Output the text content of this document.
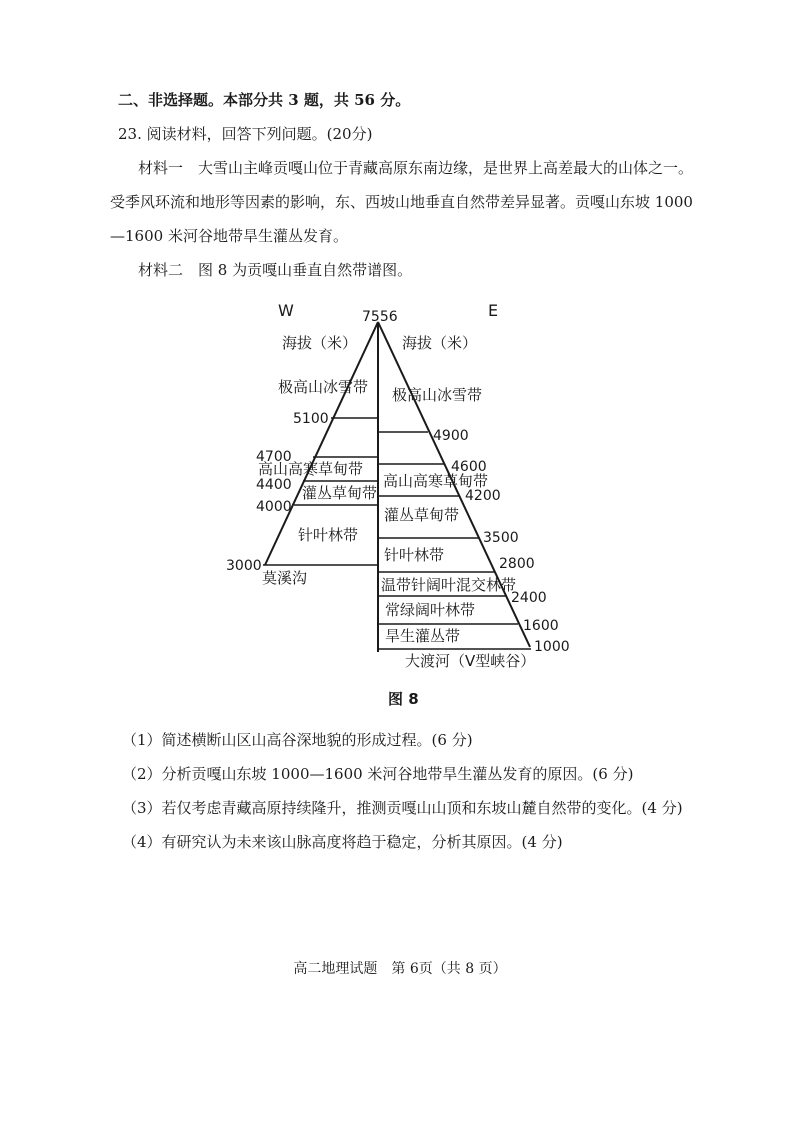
二、非选择题。本部分共 3 题，共 56 分。
23. 阅读材料，回答下列问题。(20分)
材料一　大雪山主峰贡嘎山位于青藏高原东南边缘，是世界上高差最大的山体之一。
受季风环流和地形等因素的影响，东、西坡山地垂直自然带差异显著。贡嘎山东坡 1000
—1600 米河谷地带旱生灌丛发育。
材料二　图 8 为贡嘎山垂直自然带谱图。
W	E
7556
海拔（米）	海拔（米）
极高山冰雪带
高山高寒草甸带
灌丛草甸带
针叶林带
5100
4700
4400
4000
3000
莫溪沟
极高山冰雪带
高山高寒草甸带
灌丛草甸带
针叶林带
温带针阔叶混交林带
常绿阔叶林带
旱生灌丛带
4900
4600
4200
3500
2800
2400
1600
1000
大渡河（V型峡谷）
图 8
（1）简述横断山区山高谷深地貌的形成过程。(6 分)
（2）分析贡嘎山东坡 1000—1600 米河谷地带旱生灌丛发育的原因。(6 分)
（3）若仅考虑青藏高原持续隆升，推测贡嘎山山顶和东坡山麓自然带的变化。(4 分)
（4）有研究认为未来该山脉高度将趋于稳定，分析其原因。(4 分)
高二地理试题　第 6页（共 8 页）
